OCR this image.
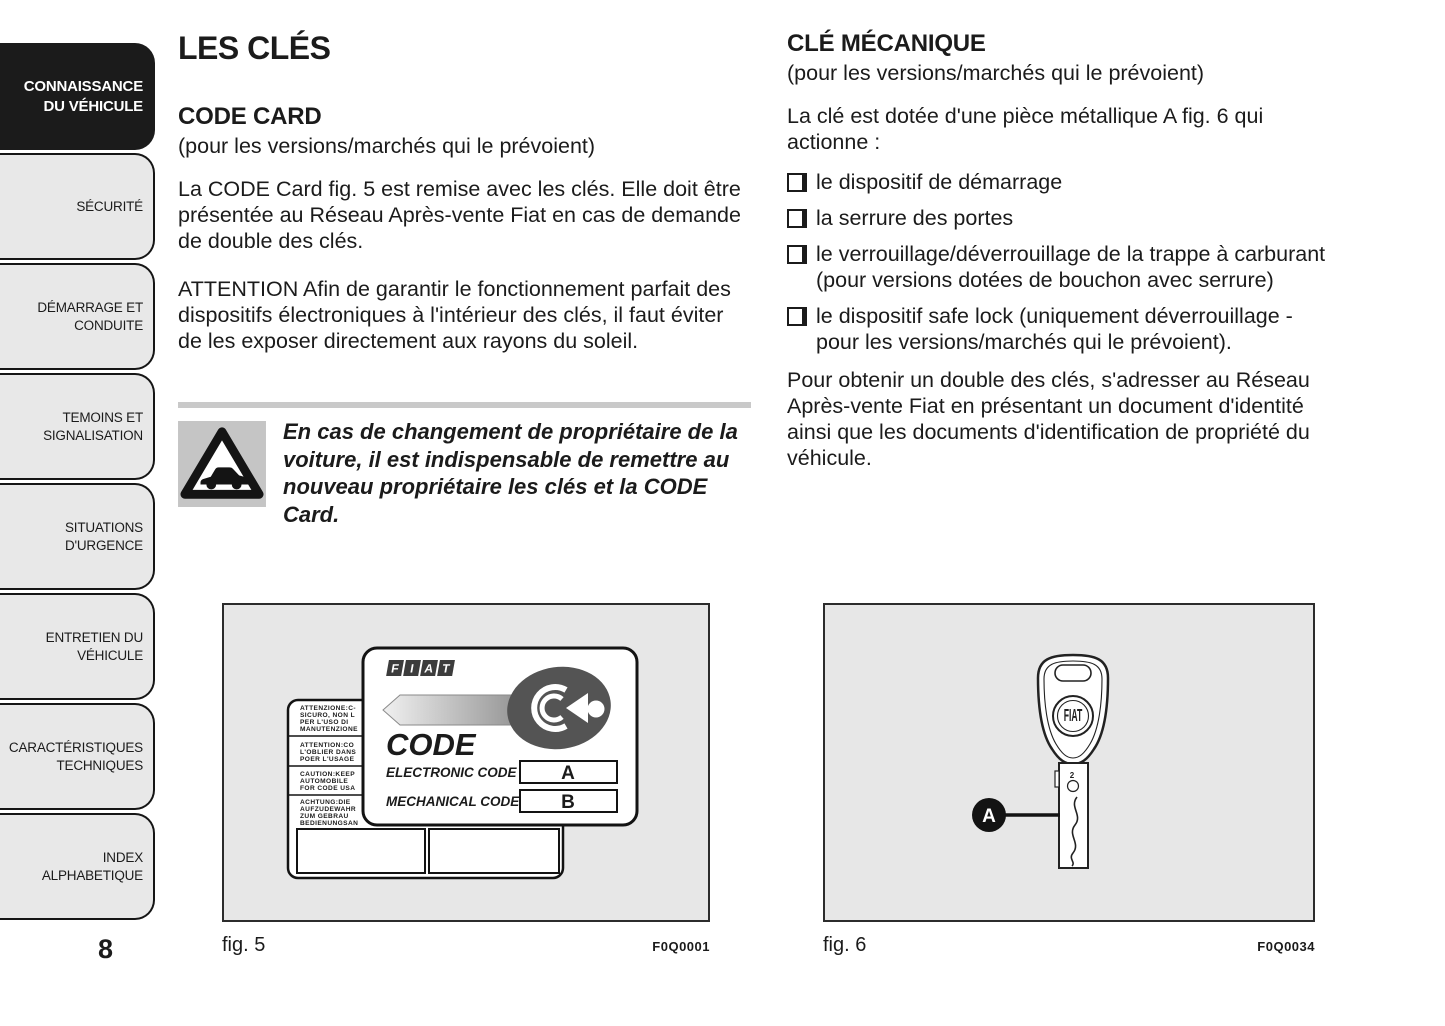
CONNAISSANCE DU VÉHICULE
SÉCURITÉ
DÉMARRAGE ET CONDUITE
TEMOINS ET SIGNALISATION
SITUATIONS D'URGENCE
ENTRETIEN DU VÉHICULE
CARACTÉRISTIQUES TECHNIQUES
INDEX ALPHABETIQUE
8
LES CLÉS
CODE CARD
(pour les versions/marchés qui le prévoient)

La CODE Card fig. 5 est remise avec les clés. Elle doit être présentée au Réseau Après-vente Fiat en cas de demande de double des clés.

ATTENTION Afin de garantir le fonctionnement parfait des dispositifs électroniques à l'intérieur des clés, il faut éviter de les exposer directement aux rayons du soleil.

En cas de changement de propriétaire de la voiture, il est indispensable de remettre au nouveau propriétaire les clés et la CODE Card.
CLÉ MÉCANIQUE
(pour les versions/marchés qui le prévoient)

La clé est dotée d'une pièce métallique A fig. 6 qui actionne :

le dispositif de démarrage
la serrure des portes
le verrouillage/déverrouillage de la trappe à carburant (pour versions dotées de bouchon avec serrure)
le dispositif safe lock (uniquement déverrouillage - pour les versions/marchés qui le prévoient).

Pour obtenir un double des clés, s'adresser au Réseau Après-vente Fiat en présentant un document d'identité ainsi que les documents d'identification de propriété du véhicule.

ATTENZIONE:C-
SICURO, NON L
PER L'USO DI
MANUTENZIONE
ATTENTION:CO
L'OBLIER DANS
POER L'USAGE
CAUTION:KEEP
AUTOMOBILE
FOR CODE USA
ACHTUNG:DIE
AUFZUDEWAHR
ZUM GEBRAU
BEDIENUNGSAN
F I A T
CODE
ELECTRONIC CODE A
MECHANICAL CODE B
fig. 5	F0Q0001
FIAT
2
A
fig. 6	F0Q0034
